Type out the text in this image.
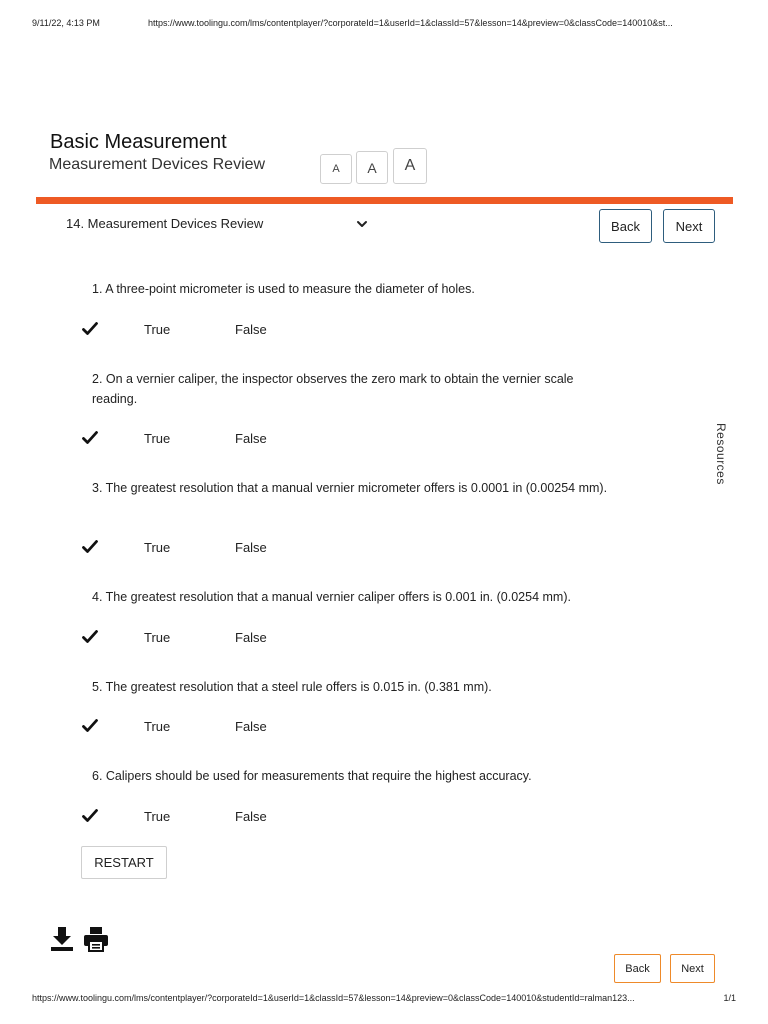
9/11/22, 4:13 PM	https://www.toolingu.com/lms/contentplayer/?corporateId=1&userId=1&classId=57&lesson=14&preview=0&classCode=140010&st...
Basic Measurement
Measurement Devices Review	A	A	A
14. Measurement Devices Review	Back	Next
1. A three-point micrometer is used to measure the diameter of holes.
True	False
2. On a vernier caliper, the inspector observes the zero mark to obtain the vernier scale reading.
True	False
3. The greatest resolution that a manual vernier micrometer offers is 0.0001 in (0.00254 mm).
True	False
4. The greatest resolution that a manual vernier caliper offers is 0.001 in. (0.0254 mm).
True	False
5. The greatest resolution that a steel rule offers is 0.015 in. (0.381 mm).
True	False
6. Calipers should be used for measurements that require the highest accuracy.
True	False
Resources
RESTART
Back	Next
https://www.toolingu.com/lms/contentplayer/?corporateId=1&userId=1&classId=57&lesson=14&preview=0&classCode=140010&studentId=ralman123...	1/1
